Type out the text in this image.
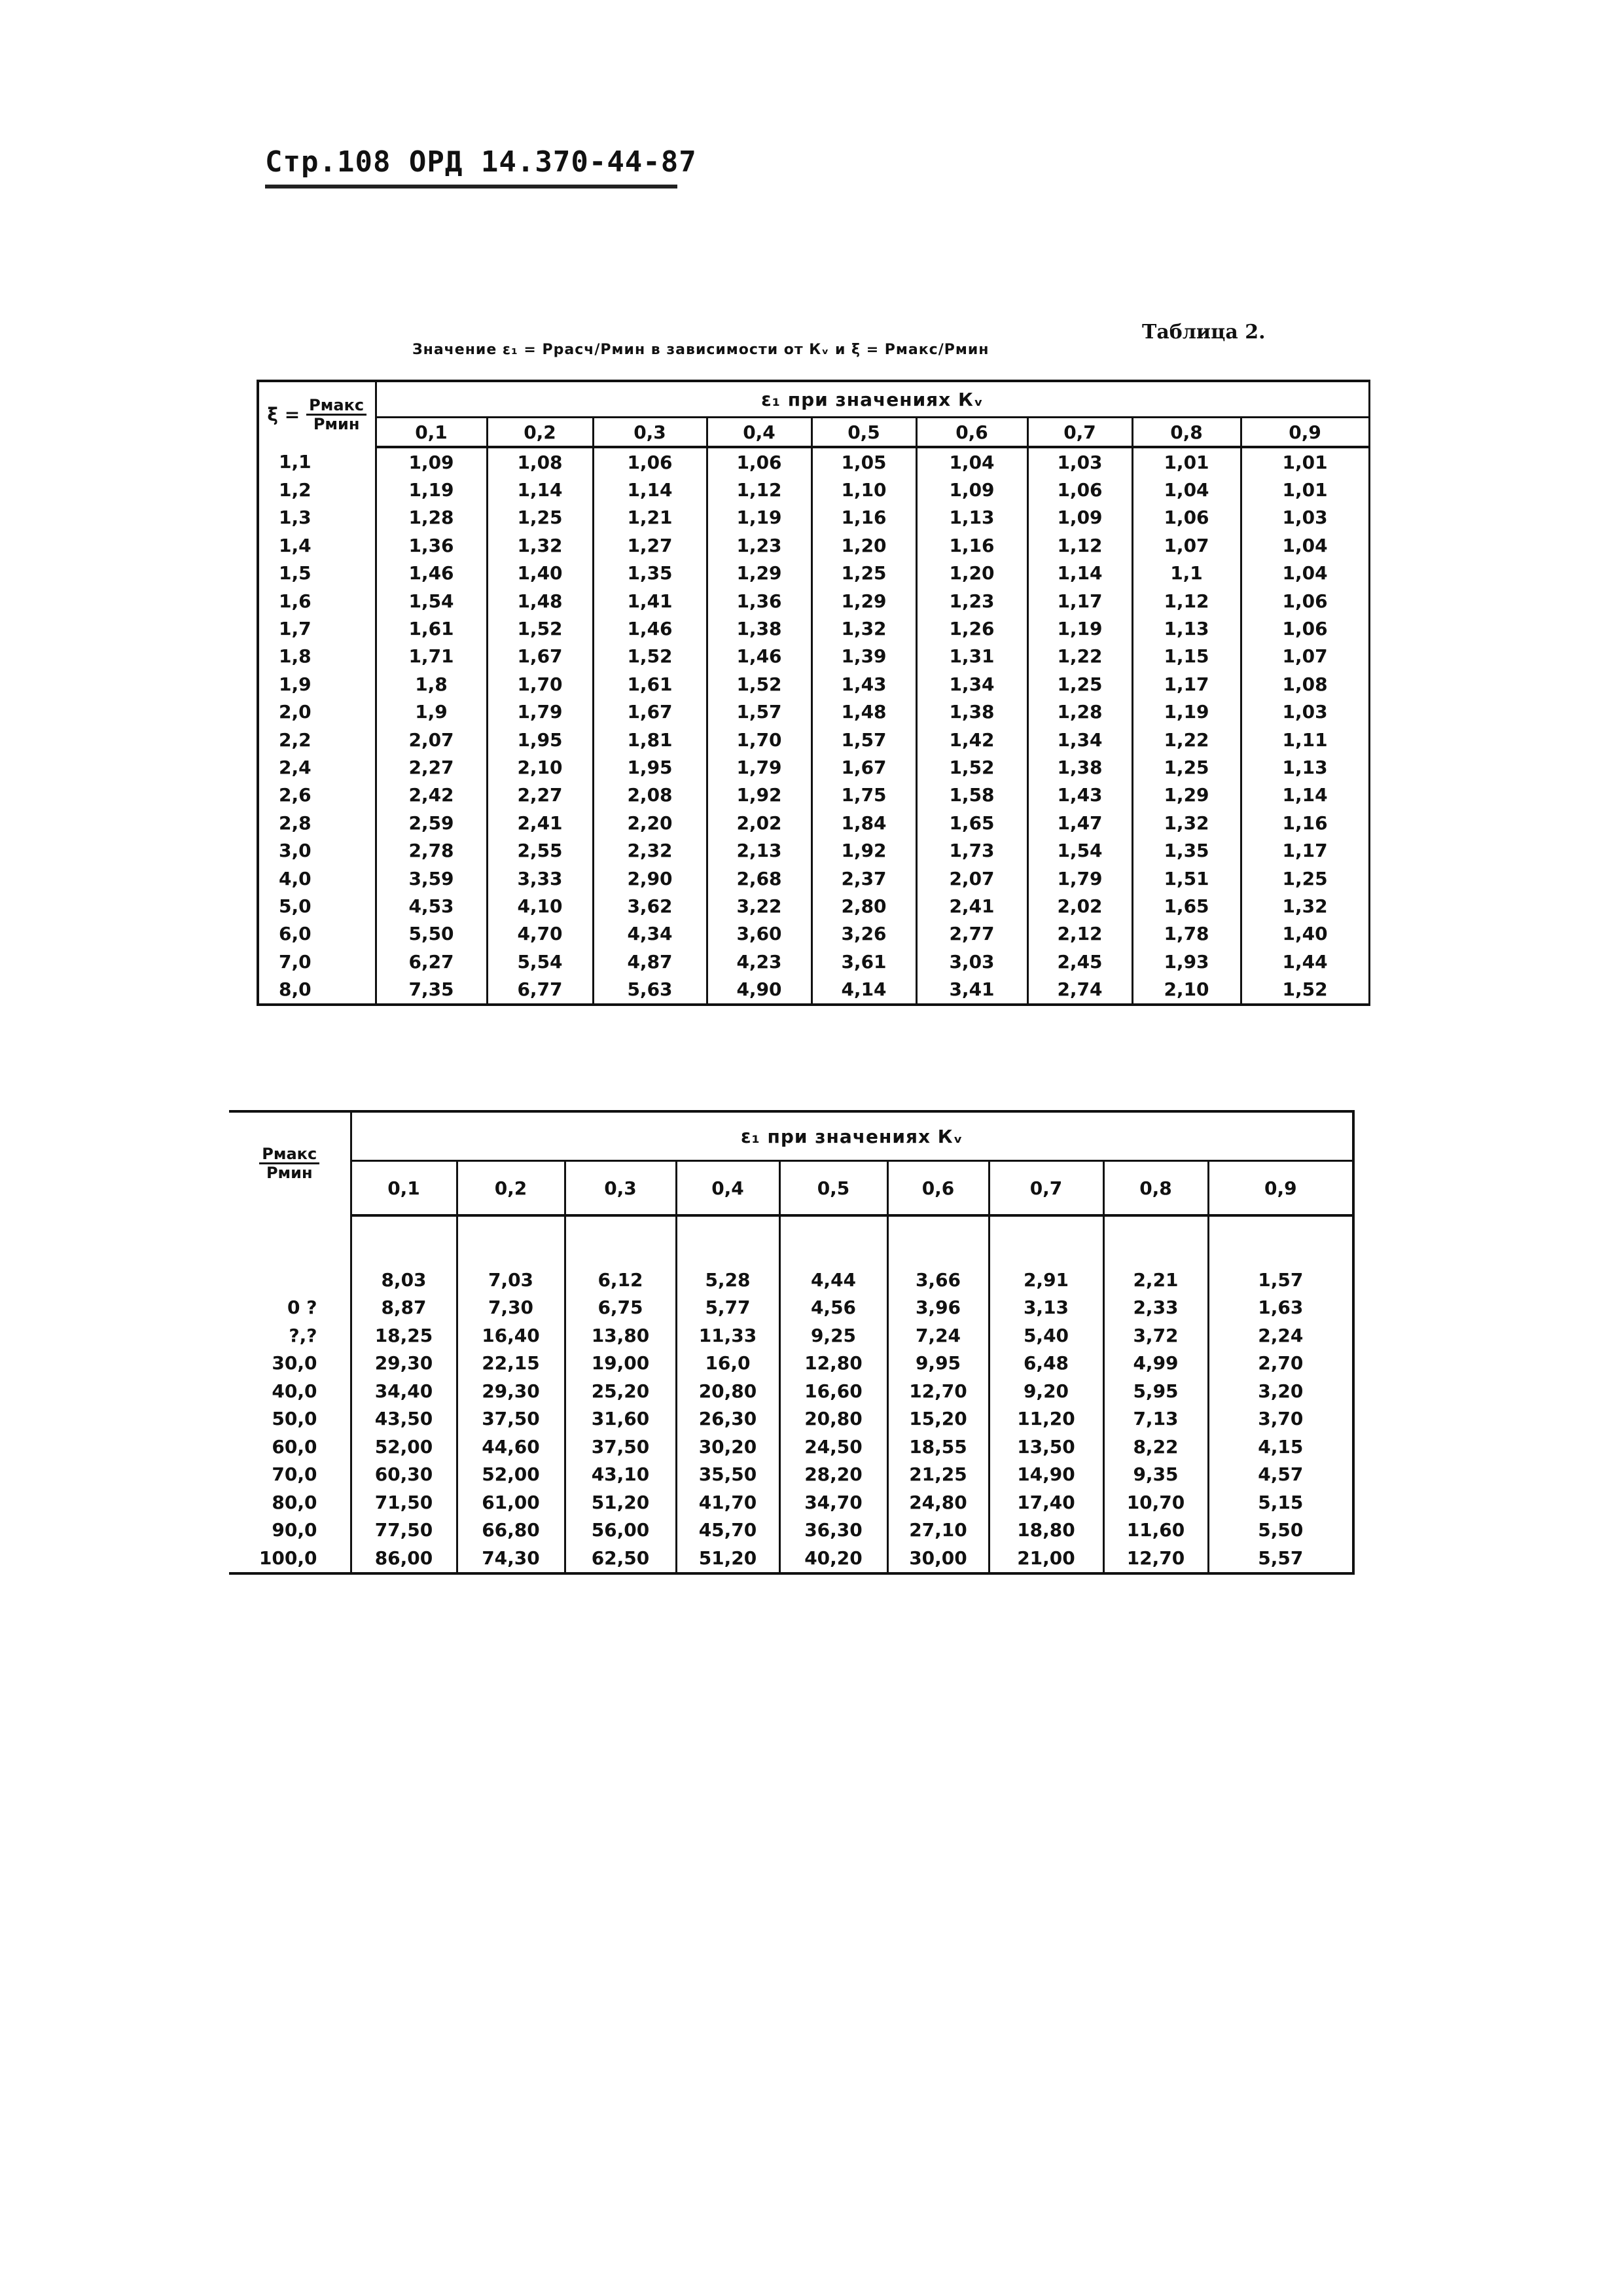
Стр.108 ОРД 14.370-44-87
Таблица 2.
Значение ε₁ = Ррасч/Рмин в зависимости от Кᵥ и ξ = Рмакс/Рмин
$\xi = \frac{\text{Рмакс}}{\text{Рмин}}$	ε₁ при значениях Кᵥ								
	0,1	0,2	0,3	0,4	0,5	0,6	0,7	0,8	0,9
1,1	1,09	1,08	1,06	1,06	1,05	1,04	1,03	1,01	1,01
1,2	1,19	1,14	1,14	1,12	1,10	1,09	1,06	1,04	1,01
1,3	1,28	1,25	1,21	1,19	1,16	1,13	1,09	1,06	1,03
1,4	1,36	1,32	1,27	1,23	1,20	1,16	1,12	1,07	1,04
1,5	1,46	1,40	1,35	1,29	1,25	1,20	1,14	1,1	1,04
1,6	1,54	1,48	1,41	1,36	1,29	1,23	1,17	1,12	1,06
1,7	1,61	1,52	1,46	1,38	1,32	1,26	1,19	1,13	1,06
1,8	1,71	1,67	1,52	1,46	1,39	1,31	1,22	1,15	1,07
1,9	1,8	1,70	1,61	1,52	1,43	1,34	1,25	1,17	1,08
2,0	1,9	1,79	1,67	1,57	1,48	1,38	1,28	1,19	1,03
2,2	2,07	1,95	1,81	1,70	1,57	1,42	1,34	1,22	1,11
2,4	2,27	2,10	1,95	1,79	1,67	1,52	1,38	1,25	1,13
2,6	2,42	2,27	2,08	1,92	1,75	1,58	1,43	1,29	1,14
2,8	2,59	2,41	2,20	2,02	1,84	1,65	1,47	1,32	1,16
3,0	2,78	2,55	2,32	2,13	1,92	1,73	1,54	1,35	1,17
4,0	3,59	3,33	2,90	2,68	2,37	2,07	1,79	1,51	1,25
5,0	4,53	4,10	3,62	3,22	2,80	2,41	2,02	1,65	1,32
6,0	5,50	4,70	4,34	3,60	3,26	2,77	2,12	1,78	1,40
7,0	6,27	5,54	4,87	4,23	3,61	3,03	2,45	1,93	1,44
8,0	7,35	6,77	5,63	4,90	4,14	3,41	2,74	2,10	1,52
$\frac{\text{Рмакс}}{\text{Рмин}}$	ε₁ при значениях Кᵥ								
	0,1	0,2	0,3	0,4	0,5	0,6	0,7	0,8	0,9

	8,03	7,03	6,12	5,28	4,44	3,66	2,91	2,21	1,57
0 ?	8,87	7,30	6,75	5,77	4,56	3,96	3,13	2,33	1,63
?,?	18,25	16,40	13,80	11,33	9,25	7,24	5,40	3,72	2,24
30,0	29,30	22,15	19,00	16,0	12,80	9,95	6,48	4,99	2,70
40,0	34,40	29,30	25,20	20,80	16,60	12,70	9,20	5,95	3,20
50,0	43,50	37,50	31,60	26,30	20,80	15,20	11,20	7,13	3,70
60,0	52,00	44,60	37,50	30,20	24,50	18,55	13,50	8,22	4,15
70,0	60,30	52,00	43,10	35,50	28,20	21,25	14,90	9,35	4,57
80,0	71,50	61,00	51,20	41,70	34,70	24,80	17,40	10,70	5,15
90,0	77,50	66,80	56,00	45,70	36,30	27,10	18,80	11,60	5,50
100,0	86,00	74,30	62,50	51,20	40,20	30,00	21,00	12,70	5,57
